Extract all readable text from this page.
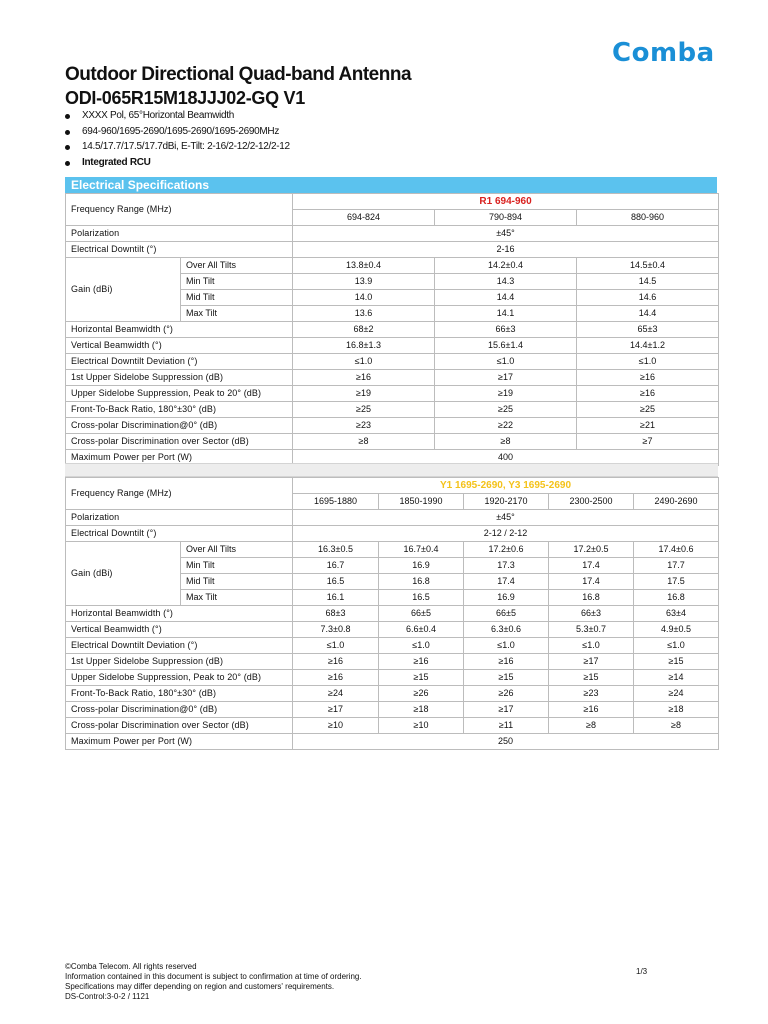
Comba
Outdoor Directional Quad-band Antenna
ODI-065R15M18JJJ02-GQ V1
XXXX Pol, 65°Horizontal Beamwidth
694-960/1695-2690/1695-2690/1695-2690MHz
14.5/17.7/17.5/17.7dBi, E-Tilt: 2-16/2-12/2-12/2-12
Integrated RCU
Electrical Specifications
Frequency Range (MHz)		R1 694-960		
		694-824	790-894	880-960
Polarization		±45°		
Electrical Downtilt (°)		2-16		
Gain (dBi)	Over All Tilts	13.8±0.4	14.2±0.4	14.5±0.4
	Min Tilt	13.9	14.3	14.5
	Mid Tilt	14.0	14.4	14.6
	Max Tilt	13.6	14.1	14.4
Horizontal Beamwidth (°)		68±2	66±3	65±3
Vertical Beamwidth (°)		16.8±1.3	15.6±1.4	14.4±1.2
Electrical Downtilt Deviation (°)		≤1.0	≤1.0	≤1.0
1st Upper Sidelobe Suppression (dB)		≥16	≥17	≥16
Upper Sidelobe Suppression, Peak to 20° (dB)		≥19	≥19	≥16
Front-To-Back Ratio, 180°±30° (dB)		≥25	≥25	≥25
Cross-polar Discrimination@0° (dB)		≥23	≥22	≥21
Cross-polar Discrimination over Sector (dB)		≥8	≥8	≥7
Maximum Power per Port (W)		400		
Frequency Range (MHz)		Y1 1695-2690, Y3 1695-2690				
		1695-1880	1850-1990	1920-2170	2300-2500	2490-2690
Polarization		±45°				
Electrical Downtilt (°)		2-12 / 2-12				
Gain (dBi)	Over All Tilts	16.3±0.5	16.7±0.4	17.2±0.6	17.2±0.5	17.4±0.6
	Min Tilt	16.7	16.9	17.3	17.4	17.7
	Mid Tilt	16.5	16.8	17.4	17.4	17.5
	Max Tilt	16.1	16.5	16.9	16.8	16.8
Horizontal Beamwidth (°)		68±3	66±5	66±5	66±3	63±4
Vertical Beamwidth (°)		7.3±0.8	6.6±0.4	6.3±0.6	5.3±0.7	4.9±0.5
Electrical Downtilt Deviation (°)		≤1.0	≤1.0	≤1.0	≤1.0	≤1.0
1st Upper Sidelobe Suppression (dB)		≥16	≥16	≥16	≥17	≥15
Upper Sidelobe Suppression, Peak to 20° (dB)		≥16	≥15	≥15	≥15	≥14
Front-To-Back Ratio, 180°±30° (dB)		≥24	≥26	≥26	≥23	≥24
Cross-polar Discrimination@0° (dB)		≥17	≥18	≥17	≥16	≥18
Cross-polar Discrimination over Sector (dB)		≥10	≥10	≥11	≥8	≥8
Maximum Power per Port (W)		250				
©Comba Telecom. All rights reserved
Information contained in this document is subject to confirmation at time of ordering.
Specifications may differ depending on region and customers' requirements.
DS-Control:3-0-2 / 1121
1/3
